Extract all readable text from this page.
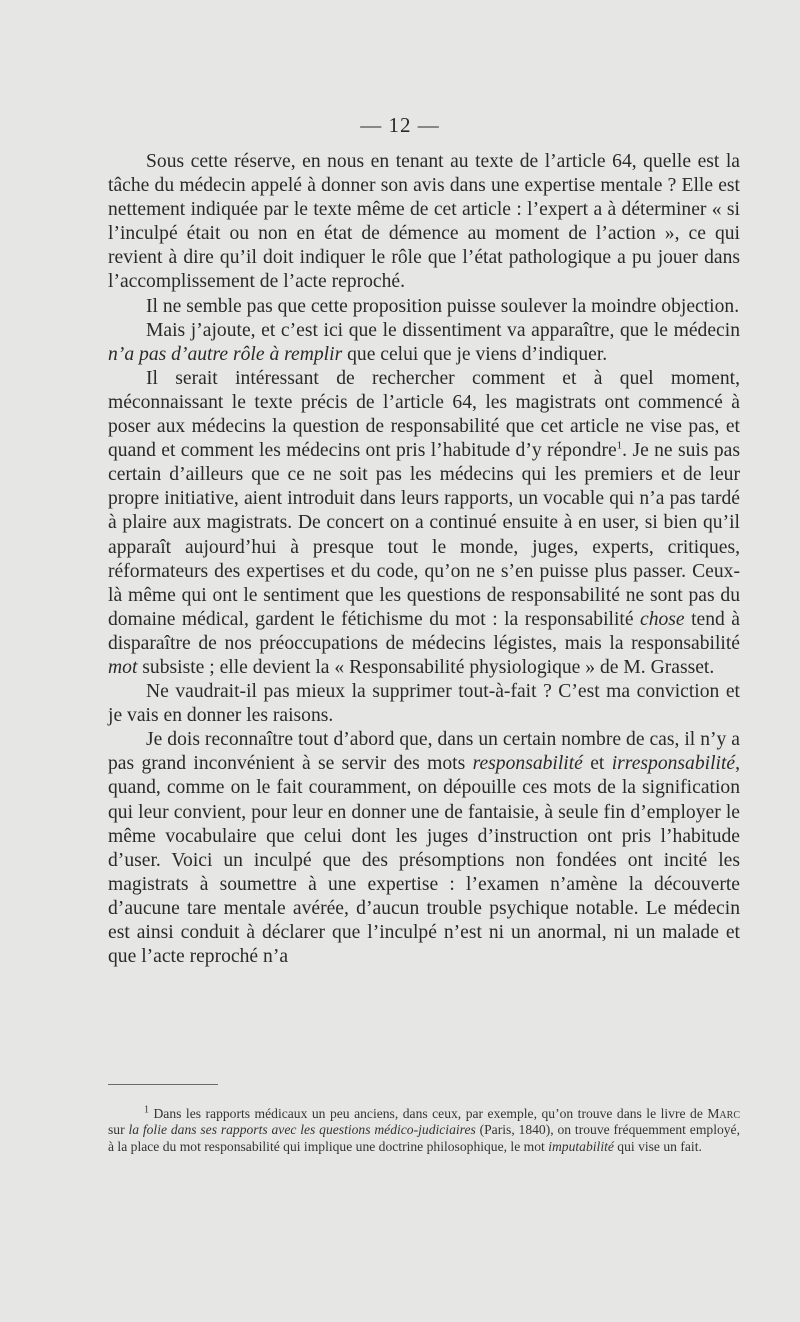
— 12 —

Sous cette réserve, en nous en tenant au texte de l’article 64, quelle est la tâche du médecin appelé à donner son avis dans une expertise mentale ? Elle est nettement indiquée par le texte même de cet article : l’expert a à déterminer « si l’inculpé était ou non en état de démence au moment de l’action », ce qui revient à dire qu’il doit indiquer le rôle que l’état pathologique a pu jouer dans l’accomplissement de l’acte reproché.

Il ne semble pas que cette proposition puisse soulever la moindre objection.

Mais j’ajoute, et c’est ici que le dissentiment va apparaître, que le médecin n’a pas d’autre rôle à remplir que celui que je viens d’indiquer.

Il serait intéressant de rechercher comment et à quel moment, méconnaissant le texte précis de l’article 64, les magistrats ont commencé à poser aux médecins la question de responsabilité que cet article ne vise pas, et quand et comment les médecins ont pris l’habitude d’y répondre$^1$. Je ne suis pas certain d’ailleurs que ce ne soit pas les médecins qui les premiers et de leur propre initiative, aient introduit dans leurs rapports, un vocable qui n’a pas tardé à plaire aux magistrats. De concert on a continué ensuite à en user, si bien qu’il apparaît aujourd’hui à presque tout le monde, juges, experts, critiques, réformateurs des expertises et du code, qu’on ne s’en puisse plus passer. Ceux-là même qui ont le sentiment que les questions de responsabilité ne sont pas du domaine médical, gardent le fétichisme du mot : la responsabilité chose tend à disparaître de nos préoccupations de médecins légistes, mais la responsabilité mot subsiste ; elle devient la « Responsabilité physiologique » de M. Grasset.

Ne vaudrait-il pas mieux la supprimer tout-à-fait ? C’est ma conviction et je vais en donner les raisons.

Je dois reconnaître tout d’abord que, dans un certain nombre de cas, il n’y a pas grand inconvénient à se servir des mots responsabilité et irresponsabilité, quand, comme on le fait couramment, on dépouille ces mots de la signification qui leur convient, pour leur en donner une de fantaisie, à seule fin d’employer le même vocabulaire que celui dont les juges d’instruction ont pris l’habitude d’user. Voici un inculpé que des présomptions non fondées ont incité les magistrats à soumettre à une expertise : l’examen n’amène la découverte d’aucune tare mentale avérée, d’aucun trouble psychique notable. Le médecin est ainsi conduit à déclarer que l’inculpé n’est ni un anormal, ni un malade et que l’acte reproché n’a

$^1$ Dans les rapports médicaux un peu anciens, dans ceux, par exemple, qu’on trouve dans le livre de Marc sur la folie dans ses rapports avec les questions médico-judiciaires (Paris, 1840), on trouve fréquemment employé, à la place du mot responsabilité qui implique une doctrine philosophique, le mot imputabilité qui vise un fait.
